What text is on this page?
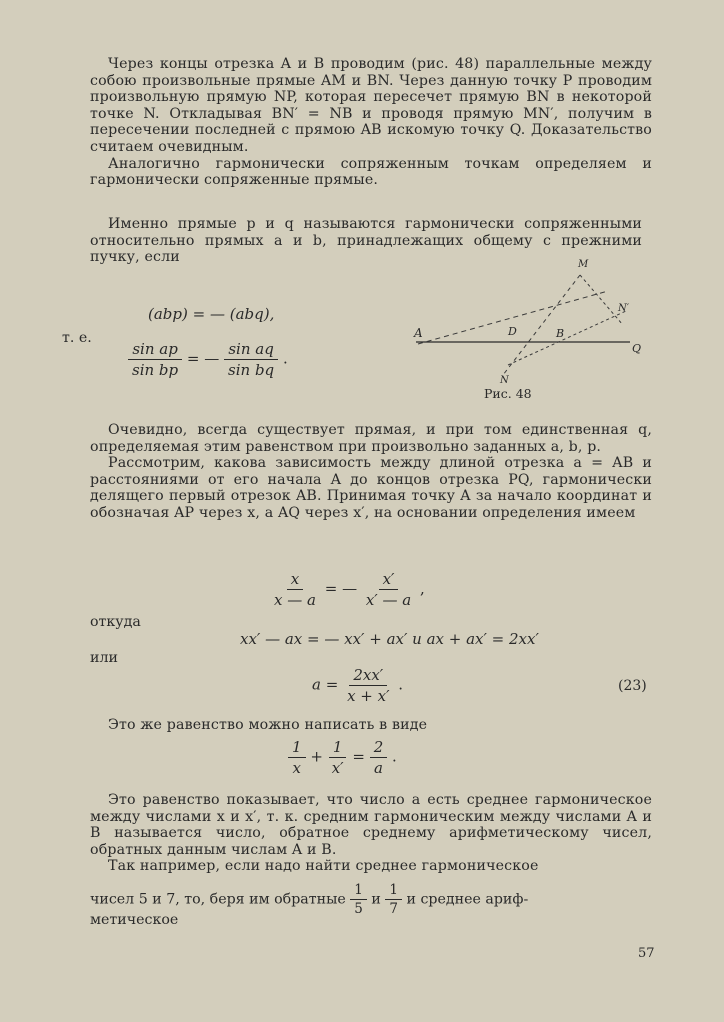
Через концы отрезка A и B проводим (рис. 48) параллельные между собою произвольные прямые AM и BN. Через данную точку P проводим произвольную прямую NP, которая пересечет прямую BN в некоторой точке N. Откладывая BN′ = NB и проводя прямую MN′, получим в пересечении последней с прямою AB искомую точку Q. Доказательство считаем очевидным.

Аналогично гармонически сопряженным точкам определяем и гармонически сопряженные прямые.

Именно прямые p и q называются гармонически сопряженными относительно прямых a и b, принадлежащих общему с прежними пучку, если

(abp) = — (abq),
т. е.
$\frac{\text{sin ap}}{\text{sin bp}}$ = — $\frac{\text{sin aq}}{\text{sin bq}}$ .
A	D	B
Q
M
N
N′
Рис. 48

Очевидно, всегда существует прямая, и при том единственная q, определяемая этим равенством при произвольно заданных a, b, p.

Рассмотрим, какова зависимость между длиной отрезка a = AB и расстояниями от его начала A до концов отрезка PQ, гармонически делящего первый отрезок AB. Принимая точку A за начало координат и обозначая AP через x, a AQ через x′, на основании определения имеем

$\frac{x}{x — a}$ = — $\frac{x'}{x' — a}$ ,
откуда
xx′ — ax = — xx′ + ax′ и ax + ax′ = 2xx′
или
$a = \frac{2xx'}{x + x'}$ .	(23)

Это же равенство можно написать в виде

$\frac{1}{x} + \frac{1}{x'} = \frac{2}{a}$ .

Это равенство показывает, что число a есть среднее гармоническое между числами x и x′, т. к. средним гармоническим между числами A и B называется число, обратное среднему арифметическому чисел, обратных данным числам A и B.

Так например, если надо найти среднее гармоническое

чисел 5 и 7, то, беря им обратные $\frac{1}{5}$ и $\frac{1}{7}$ и среднее ариф-
метическое
57
